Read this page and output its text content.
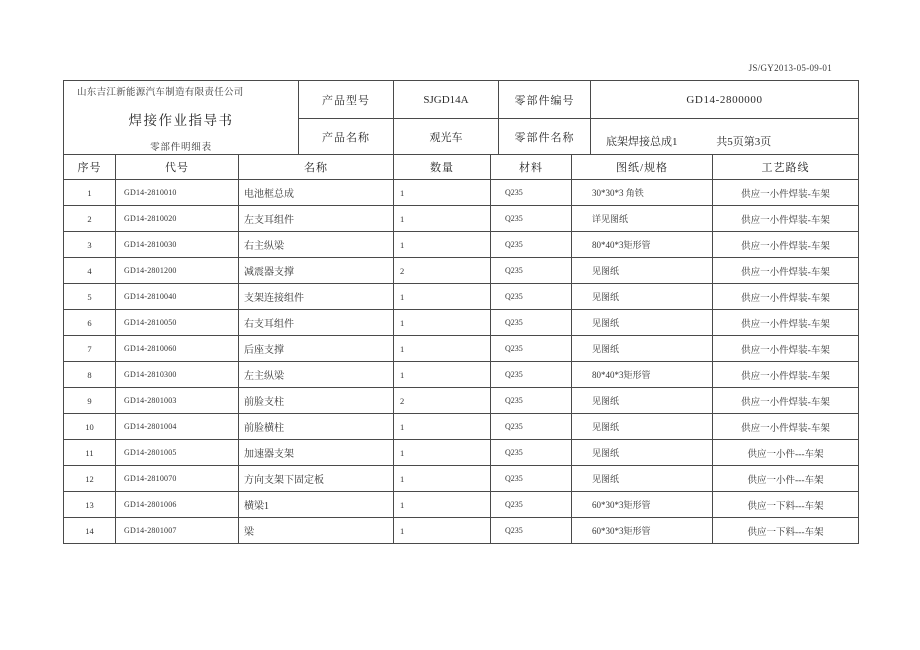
JS/GY2013-05-09-01
山东吉江新能源汽车制造有限责任公司
焊接作业指导书
零部件明细表	产品型号	SJGD14A	零部件编号	GD14-2800000
	产品名称	观光车	零部件名称	底架焊接总成1 共5页第3页
序号	代号	名称	数量	材料	图纸/规格	工艺路线
1	GD14-2810010	电池框总成	1	Q235	30*30*3 角铁	供应一小件焊装-车架
2	GD14-2810020	左支耳组件	1	Q235	详见图纸	供应一小件焊装-车架
3	GD14-2810030	右主纵梁	1	Q235	80*40*3矩形管	供应一小件焊装-车架
4	GD14-2801200	减震器支撑	2	Q235	见图纸	供应一小件焊装-车架
5	GD14-2810040	支架连接组件	1	Q235	见图纸	供应一小件焊装-车架
6	GD14-2810050	右支耳组件	1	Q235	见图纸	供应一小件焊装-车架
7	GD14-2810060	后座支撑	1	Q235	见图纸	供应一小件焊装-车架
8	GD14-2810300	左主纵梁	1	Q235	80*40*3矩形管	供应一小件焊装-车架
9	GD14-2801003	前脸支柱	2	Q235	见图纸	供应一小件焊装-车架
10	GD14-2801004	前脸横柱	1	Q235	见图纸	供应一小件焊装-车架
11	GD14-2801005	加速器支架	1	Q235	见图纸	供应一小件---车架
12	GD14-2810070	方向支架下固定板	1	Q235	见图纸	供应一小件---车架
13	GD14-2801006	横梁1	1	Q235	60*30*3矩形管	供应一下料---车架
14	GD14-2801007	梁	1	Q235	60*30*3矩形管	供应一下料---车架
